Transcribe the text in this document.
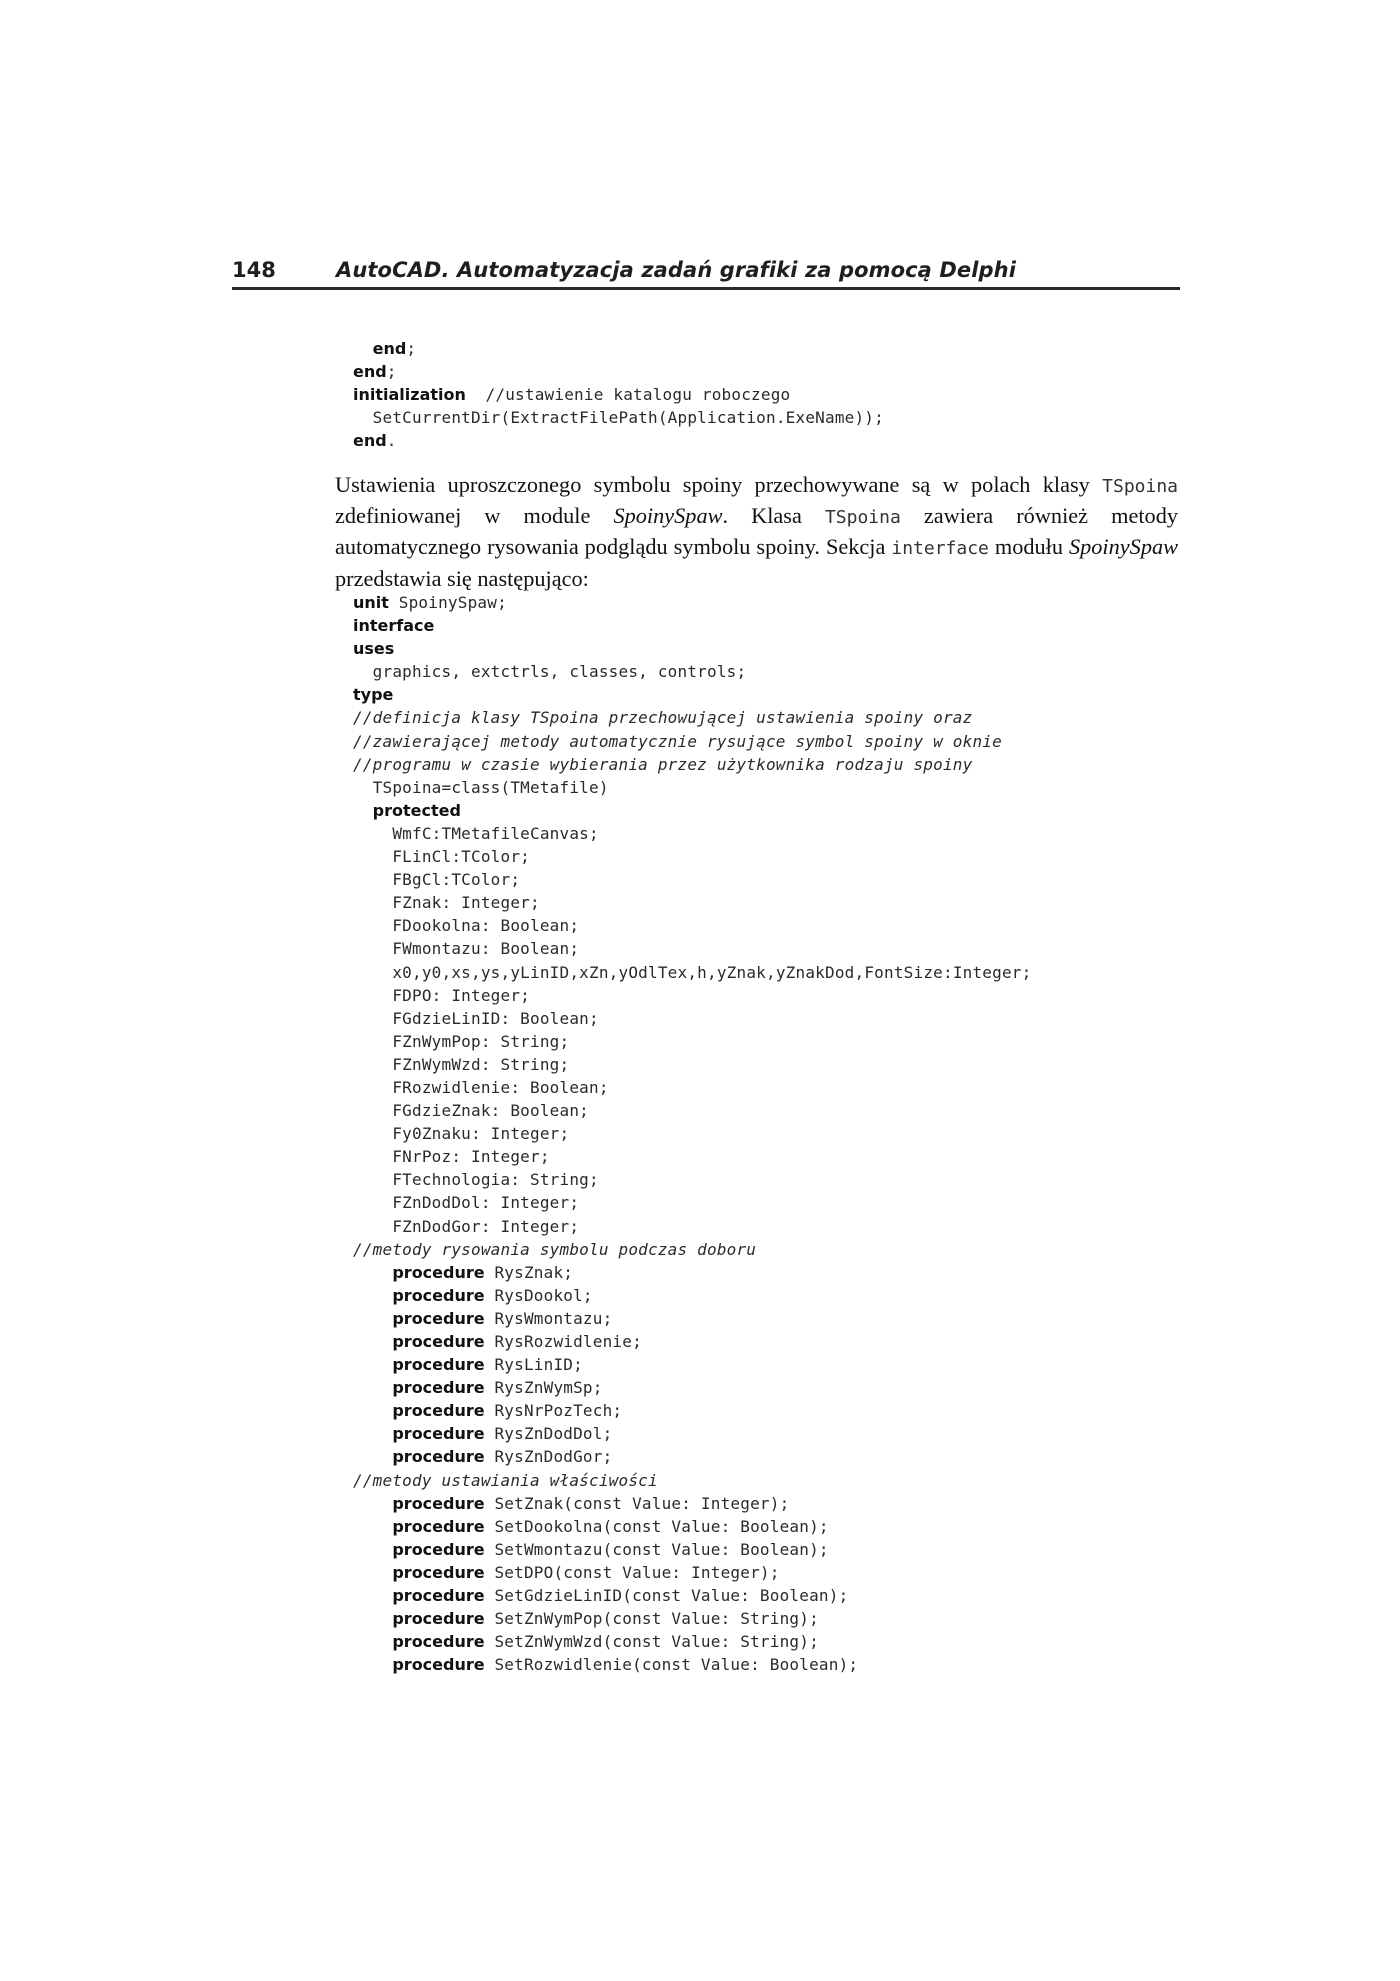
148	AutoCAD. Automatyzacja zadań grafiki za pomocą Delphi
end;
end;
initialization  //ustawienie katalogu roboczego
SetCurrentDir(ExtractFilePath(Application.ExeName));
end.

Ustawienia uproszczonego symbolu spoiny przechowywane są w polach klasy TSpoina zdefiniowanej w module SpoinySpaw. Klasa TSpoina zawiera również metody automatycznego rysowania podglądu symbolu spoiny. Sekcja interface modułu SpoinySpaw przedstawia się następująco:

unit SpoinySpaw;
interface
uses
graphics, extctrls, classes, controls;
type
//definicja klasy TSpoina przechowującej ustawienia spoiny oraz
//zawierającej metody automatycznie rysujące symbol spoiny w oknie
//programu w czasie wybierania przez użytkownika rodzaju spoiny
TSpoina=class(TMetafile)
protected
WmfC:TMetafileCanvas;
FLinCl:TColor;
FBgCl:TColor;
FZnak: Integer;
FDookolna: Boolean;
FWmontazu: Boolean;
x0,y0,xs,ys,yLinID,xZn,yOdlTex,h,yZnak,yZnakDod,FontSize:Integer;
FDPO: Integer;
FGdzieLinID: Boolean;
FZnWymPop: String;
FZnWymWzd: String;
FRozwidlenie: Boolean;
FGdzieZnak: Boolean;
Fy0Znaku: Integer;
FNrPoz: Integer;
FTechnologia: String;
FZnDodDol: Integer;
FZnDodGor: Integer;
//metody rysowania symbolu podczas doboru
procedure RysZnak;
procedure RysDookol;
procedure RysWmontazu;
procedure RysRozwidlenie;
procedure RysLinID;
procedure RysZnWymSp;
procedure RysNrPozTech;
procedure RysZnDodDol;
procedure RysZnDodGor;
//metody ustawiania właściwości
procedure SetZnak(const Value: Integer);
procedure SetDookolna(const Value: Boolean);
procedure SetWmontazu(const Value: Boolean);
procedure SetDPO(const Value: Integer);
procedure SetGdzieLinID(const Value: Boolean);
procedure SetZnWymPop(const Value: String);
procedure SetZnWymWzd(const Value: String);
procedure SetRozwidlenie(const Value: Boolean);
